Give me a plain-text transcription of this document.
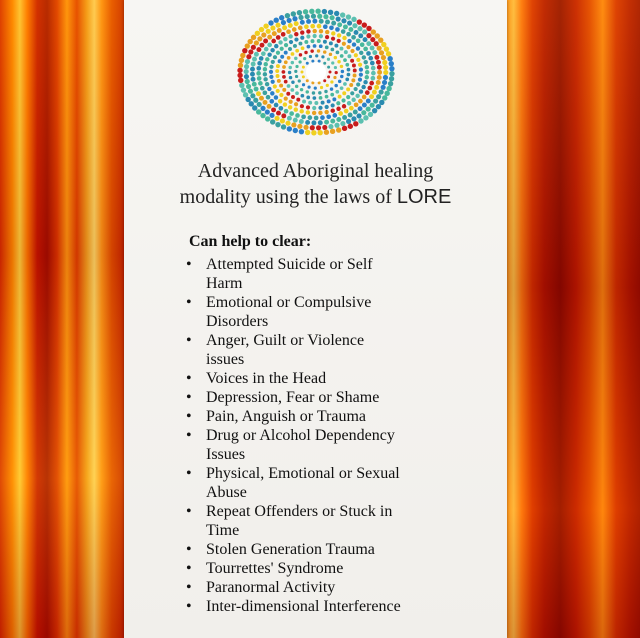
Advanced Aboriginal healing

modality using the laws of LORE

Can help to clear:

• Attempted Suicide or Self
Harm
• Emotional or Compulsive
Disorders
• Anger, Guilt or Violence
issues
• Voices in the Head
• Depression, Fear or Shame
• Pain, Anguish or Trauma
• Drug or Alcohol Dependency
Issues
• Physical, Emotional or Sexual
Abuse
• Repeat Offenders or Stuck in
Time
• Stolen Generation Trauma
• Tourrettes' Syndrome
• Paranormal Activity
• Inter-dimensional Interference
